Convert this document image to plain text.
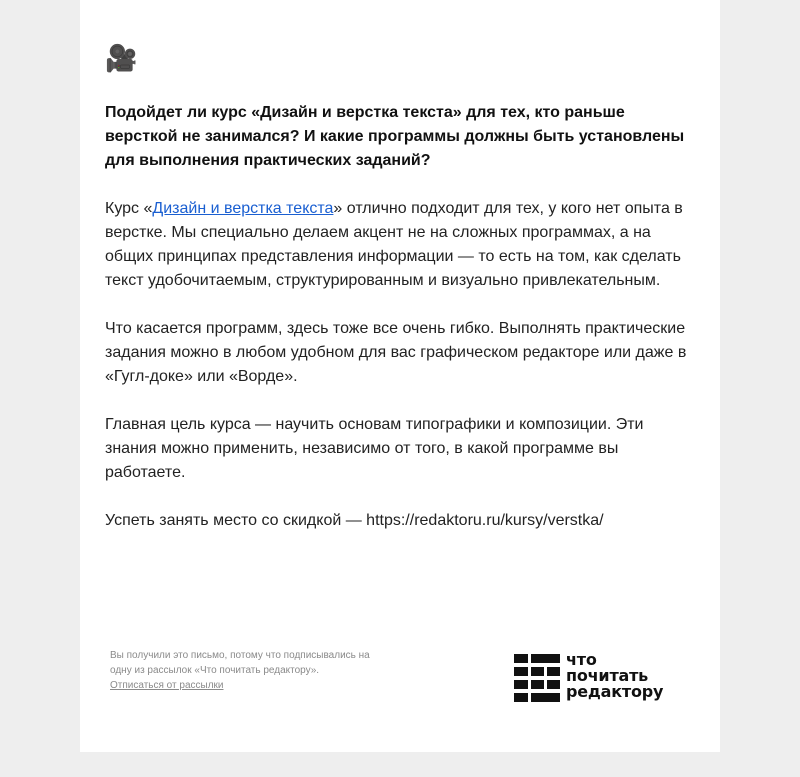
🎥

Подойдет ли курс «Дизайн и верстка текста» для тех, кто раньше версткой не занимался? И какие программы должны быть установлены для выполнения практических заданий?

Курс «Дизайн и верстка текста» отлично подходит для тех, у кого нет опыта в верстке. Мы специально делаем акцент не на сложных программах, а на общих принципах представления информации — то есть на том, как сделать текст удобочитаемым, структурированным и визуально привлекательным.

Что касается программ, здесь тоже все очень гибко. Выполнять практические задания можно в любом удобном для вас графическом редакторе или даже в «Гугл-доке» или «Ворде».

Главная цель курса — научить основам типографики и композиции. Эти знания можно применить, независимо от того, в какой программе вы работаете.

Успеть занять место со скидкой — https://redaktoru.ru/kursy/verstka/

Вы получили это письмо, потому что подписывались на одну из рассылок «Что почитать редактору».
Отписаться от рассылки
что
почитать
редактору
